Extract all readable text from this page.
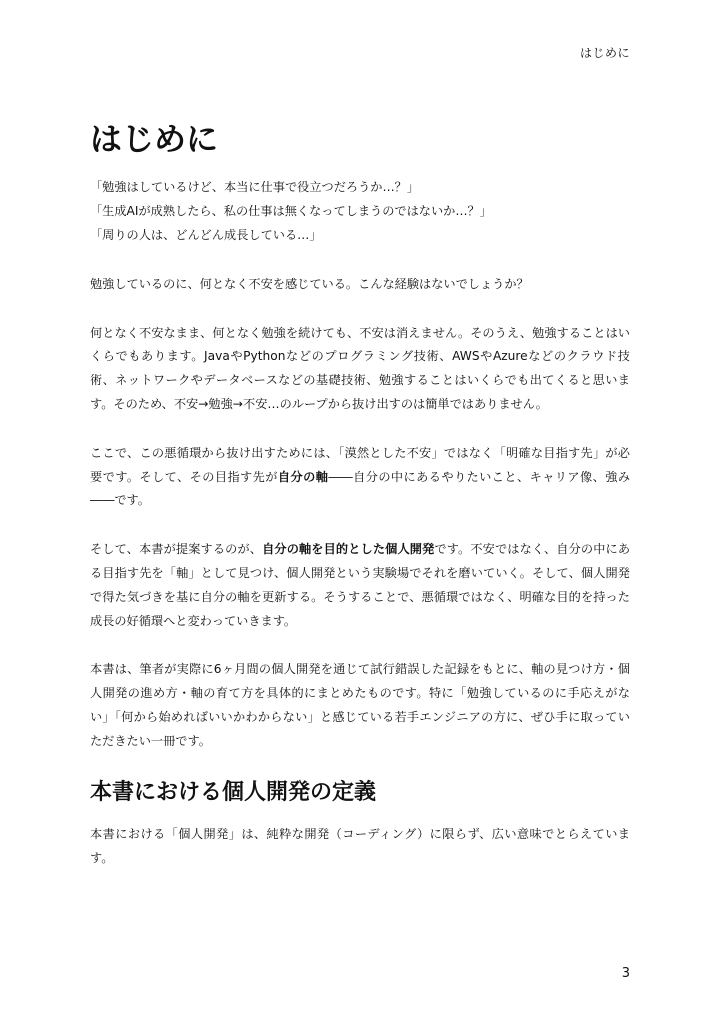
はじめに
はじめに
「勉強はしているけど、本当に仕事で役立つだろうか…？」
「生成AIが成熟したら、私の仕事は無くなってしまうのではないか…？」
「周りの人は、どんどん成長している…」

勉強しているのに、何となく不安を感じている。こんな経験はないでしょうか？

何となく不安なまま、何となく勉強を続けても、不安は消えません。そのうえ、勉強することはいくらでもあります。JavaやPythonなどのプログラミング技術、AWSやAzureなどのクラウド技術、ネットワークやデータベースなどの基礎技術、勉強することはいくらでも出てくると思います。そのため、不安→勉強→不安…のループから抜け出すのは簡単ではありません。

ここで、この悪循環から抜け出すためには、「漠然とした不安」ではなく「明確な目指す先」が必要です。そして、その目指す先が自分の軸――自分の中にあるやりたいこと、キャリア像、強み――です。

そして、本書が提案するのが、自分の軸を目的とした個人開発です。不安ではなく、自分の中にある目指す先を「軸」として見つけ、個人開発という実験場でそれを磨いていく。そして、個人開発で得た気づきを基に自分の軸を更新する。そうすることで、悪循環ではなく、明確な目的を持った成長の好循環へと変わっていきます。

本書は、筆者が実際に6ヶ月間の個人開発を通じて試行錯誤した記録をもとに、軸の見つけ方・個人開発の進め方・軸の育て方を具体的にまとめたものです。特に「勉強しているのに手応えがない」「何から始めればいいかわからない」と感じている若手エンジニアの方に、ぜひ手に取っていただきたい一冊です。

本書における個人開発の定義

本書における「個人開発」は、純粋な開発（コーディング）に限らず、広い意味でとらえています。

3
